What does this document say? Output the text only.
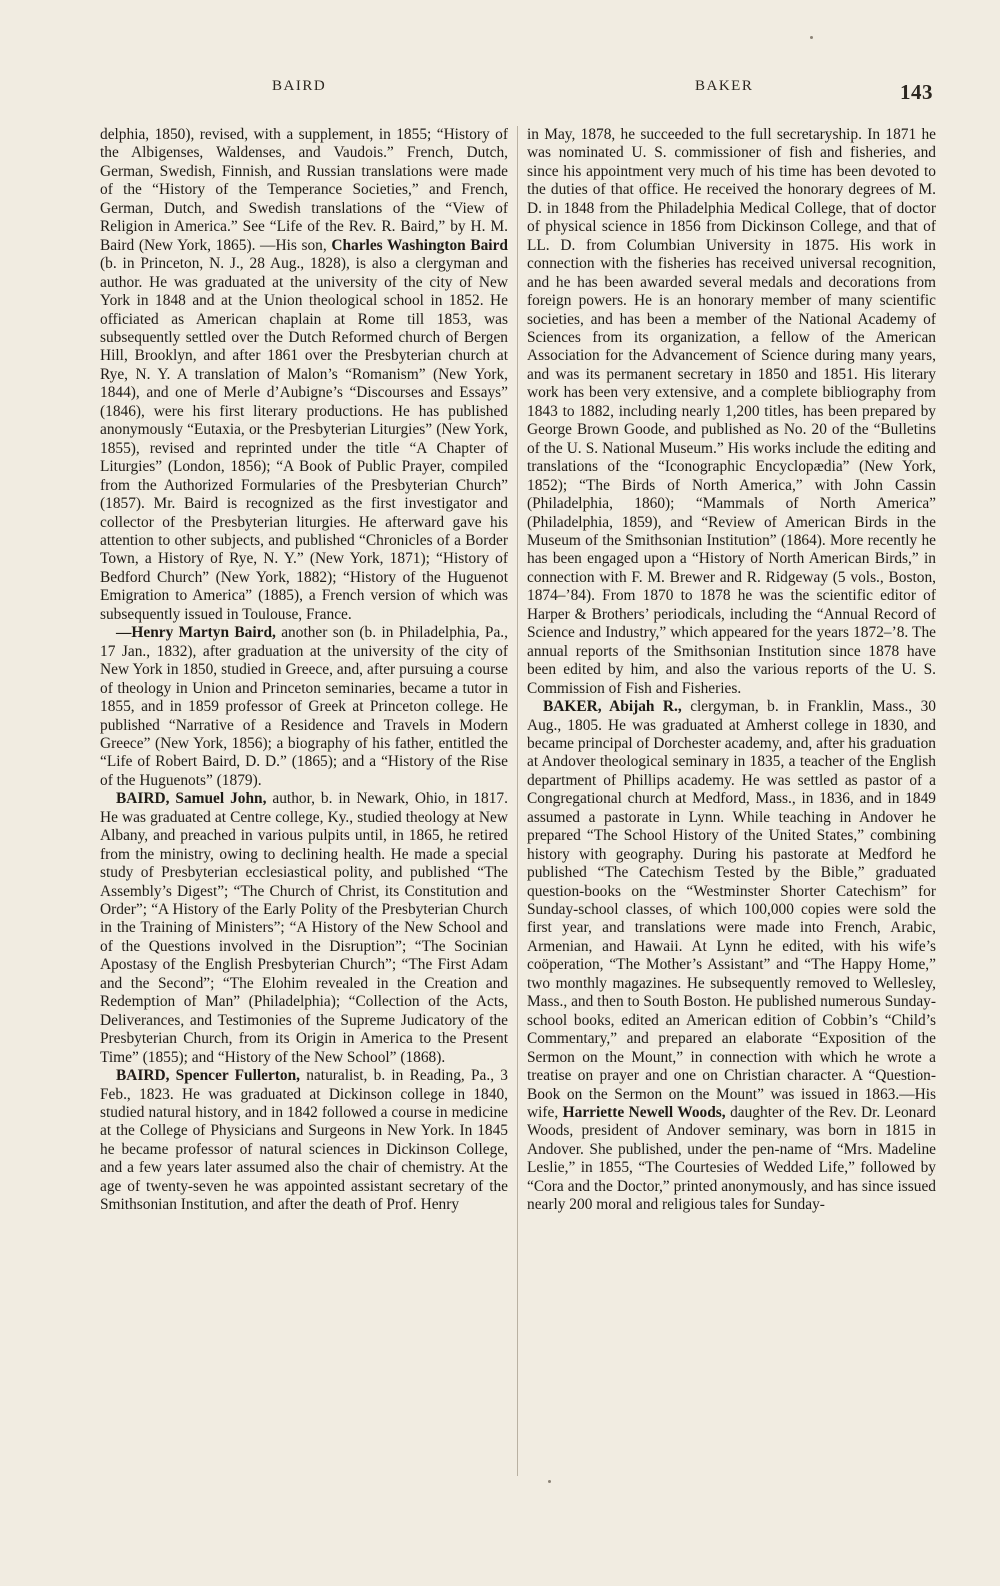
BAIRD	BAKER	143

delphia, 1850), revised, with a supplement, in 1855; “History of the Albigenses, Waldenses, and Vaudois.” French, Dutch, German, Swedish, Finnish, and Russian translations were made of the “History of the Temperance Societies,” and French, German, Dutch, and Swedish translations of the “View of Religion in America.” See “Life of the Rev. R. Baird,” by H. M. Baird (New York, 1865). —His son, Charles Washington Baird (b. in Princeton, N. J., 28 Aug., 1828), is also a clergyman and author. He was graduated at the university of the city of New York in 1848 and at the Union theological school in 1852. He officiated as American chaplain at Rome till 1853, was subsequently settled over the Dutch Reformed church of Bergen Hill, Brooklyn, and after 1861 over the Presbyterian church at Rye, N. Y. A translation of Malon’s “Romanism” (New York, 1844), and one of Merle d’Aubigne’s “Discourses and Essays” (1846), were his first literary productions. He has published anonymously “Eutaxia, or the Presbyterian Liturgies” (New York, 1855), revised and reprinted under the title “A Chapter of Liturgies” (London, 1856); “A Book of Public Prayer, compiled from the Authorized Formularies of the Presbyterian Church” (1857). Mr. Baird is recognized as the first investigator and collector of the Presbyterian liturgies. He afterward gave his attention to other subjects, and published “Chronicles of a Border Town, a History of Rye, N. Y.” (New York, 1871); “History of Bedford Church” (New York, 1882); “History of the Huguenot Emigration to America” (1885), a French version of which was subsequently issued in Toulouse, France.

—Henry Martyn Baird, another son (b. in Philadelphia, Pa., 17 Jan., 1832), after graduation at the university of the city of New York in 1850, studied in Greece, and, after pursuing a course of theology in Union and Princeton seminaries, became a tutor in 1855, and in 1859 professor of Greek at Princeton college. He published “Narrative of a Residence and Travels in Modern Greece” (New York, 1856); a biography of his father, entitled the “Life of Robert Baird, D. D.” (1865); and a “History of the Rise of the Huguenots” (1879).

BAIRD, Samuel John, author, b. in Newark, Ohio, in 1817. He was graduated at Centre college, Ky., studied theology at New Albany, and preached in various pulpits until, in 1865, he retired from the ministry, owing to declining health. He made a special study of Presbyterian ecclesiastical polity, and published “The Assembly’s Digest”; “The Church of Christ, its Constitution and Order”; “A History of the Early Polity of the Presbyterian Church in the Training of Ministers”; “A History of the New School and of the Questions involved in the Disruption”; “The Socinian Apostasy of the English Presbyterian Church”; “The First Adam and the Second”; “The Elohim revealed in the Creation and Redemption of Man” (Philadelphia); “Collection of the Acts, Deliverances, and Testimonies of the Supreme Judicatory of the Presbyterian Church, from its Origin in America to the Present Time” (1855); and “History of the New School” (1868).

BAIRD, Spencer Fullerton, naturalist, b. in Reading, Pa., 3 Feb., 1823. He was graduated at Dickinson college in 1840, studied natural history, and in 1842 followed a course in medicine at the College of Physicians and Surgeons in New York. In 1845 he became professor of natural sciences in Dickinson College, and a few years later assumed also the chair of chemistry. At the age of twenty-seven he was appointed assistant secretary of the Smithsonian Institution, and after the death of Prof. Henry

in May, 1878, he succeeded to the full secretaryship. In 1871 he was nominated U. S. commissioner of fish and fisheries, and since his appointment very much of his time has been devoted to the duties of that office. He received the honorary degrees of M. D. in 1848 from the Philadelphia Medical College, that of doctor of physical science in 1856 from Dickinson College, and that of LL. D. from Columbian University in 1875. His work in connection with the fisheries has received universal recognition, and he has been awarded several medals and decorations from foreign powers. He is an honorary member of many scientific societies, and has been a member of the National Academy of Sciences from its organization, a fellow of the American Association for the Advancement of Science during many years, and was its permanent secretary in 1850 and 1851. His literary work has been very extensive, and a complete bibliography from 1843 to 1882, including nearly 1,200 titles, has been prepared by George Brown Goode, and published as No. 20 of the “Bulletins of the U. S. National Museum.” His works include the editing and translations of the “Iconographic Encyclopædia” (New York, 1852); “The Birds of North America,” with John Cassin (Philadelphia, 1860); “Mammals of North America” (Philadelphia, 1859), and “Review of American Birds in the Museum of the Smithsonian Institution” (1864). More recently he has been engaged upon a “History of North American Birds,” in connection with F. M. Brewer and R. Ridgeway (5 vols., Boston, 1874–’84). From 1870 to 1878 he was the scientific editor of Harper & Brothers’ periodicals, including the “Annual Record of Science and Industry,” which appeared for the years 1872–’8. The annual reports of the Smithsonian Institution since 1878 have been edited by him, and also the various reports of the U. S. Commission of Fish and Fisheries.

BAKER, Abijah R., clergyman, b. in Franklin, Mass., 30 Aug., 1805. He was graduated at Amherst college in 1830, and became principal of Dorchester academy, and, after his graduation at Andover theological seminary in 1835, a teacher of the English department of Phillips academy. He was settled as pastor of a Congregational church at Medford, Mass., in 1836, and in 1849 assumed a pastorate in Lynn. While teaching in Andover he prepared “The School History of the United States,” combining history with geography. During his pastorate at Medford he published “The Catechism Tested by the Bible,” graduated question-books on the “Westminster Shorter Catechism” for Sunday-school classes, of which 100,000 copies were sold the first year, and translations were made into French, Arabic, Armenian, and Hawaii. At Lynn he edited, with his wife’s coöperation, “The Mother’s Assistant” and “The Happy Home,” two monthly magazines. He subsequently removed to Wellesley, Mass., and then to South Boston. He published numerous Sunday-school books, edited an American edition of Cobbin’s “Child’s Commentary,” and prepared an elaborate “Exposition of the Sermon on the Mount,” in connection with which he wrote a treatise on prayer and one on Christian character. A “Question-Book on the Sermon on the Mount” was issued in 1863.—His wife, Harriette Newell Woods, daughter of the Rev. Dr. Leonard Woods, president of Andover seminary, was born in 1815 in Andover. She published, under the pen-name of “Mrs. Madeline Leslie,” in 1855, “The Courtesies of Wedded Life,” followed by “Cora and the Doctor,” printed anonymously, and has since issued nearly 200 moral and religious tales for Sunday-
